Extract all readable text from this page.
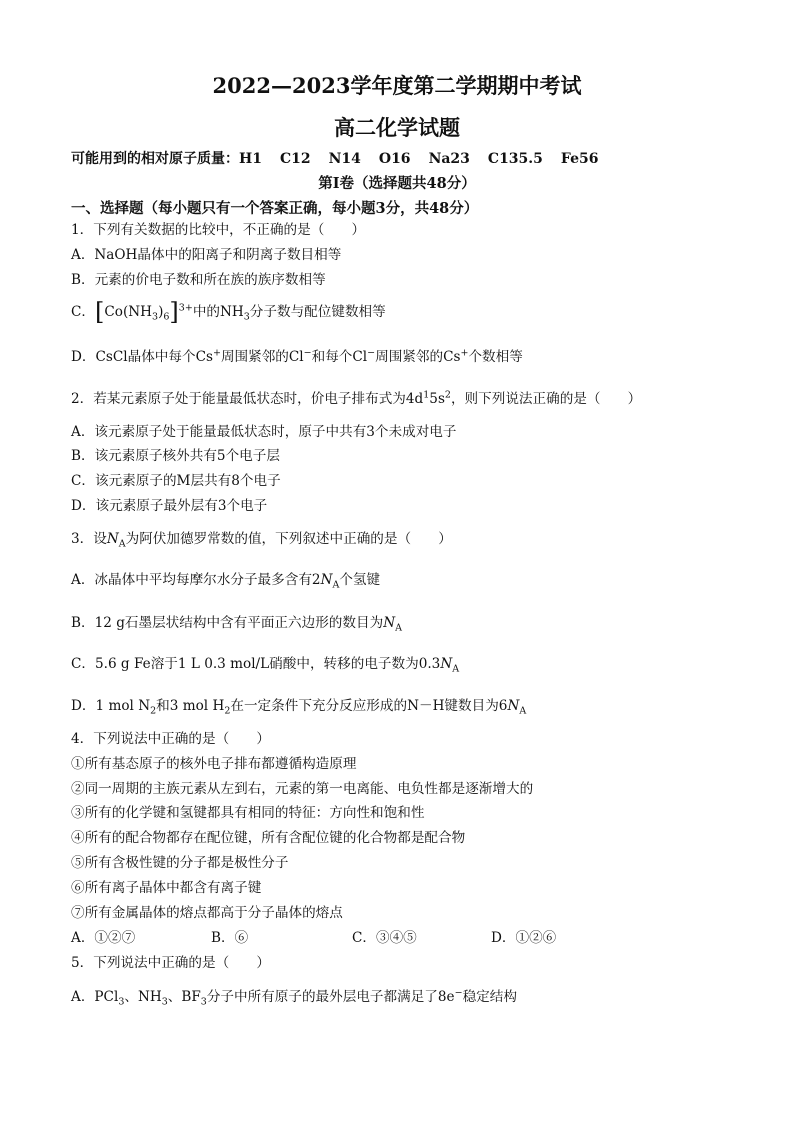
2022—2023学年度第二学期期中考试
高二化学试题
可能用到的相对原子质量：H1 C12 N14 O16 Na23 C135.5 Fe56
第Ⅰ卷（选择题共48分）
一、选择题（每小题只有一个答案正确，每小题3分，共48分）
1．下列有关数据的比较中，不正确的是（　　）
A．NaOH晶体中的阳离子和阴离子数目相等
B．元素的价电子数和所在族的族序数相等
C．$[Co(NH_3)_6]^{3+}$中的$NH_3$分子数与配位键数相等
D．CsCl晶体中每个Cs+周围紧邻的Cl−和每个Cl−周围紧邻的Cs+个数相等
2．若某元素原子处于能量最低状态时，价电子排布式为$4d^15s^2$，则下列说法正确的是（　　）
A．该元素原子处于能量最低状态时，原子中共有3个未成对电子
B．该元素原子核外共有5个电子层
C．该元素原子的M层共有8个电子
D．该元素原子最外层有3个电子
3．设$N_A$为阿伏加德罗常数的值，下列叙述中正确的是（　　）
A．冰晶体中平均每摩尔水分子最多含有$2N_A$个氢键
B．12 g石墨层状结构中含有平面正六边形的数目为$N_A$
C．5.6 g Fe溶于1 L 0.3 mol/L硝酸中，转移的电子数为$0.3N_A$
D．1 mol $N_2$和3 mol $H_2$在一定条件下充分反应形成的N－H键数目为$6N_A$
4．下列说法中正确的是（　　）
①所有基态原子的核外电子排布都遵循构造原理
②同一周期的主族元素从左到右，元素的第一电离能、电负性都是逐渐增大的
③所有的化学键和氢键都具有相同的特征：方向性和饱和性
④所有的配合物都存在配位键，所有含配位键的化合物都是配合物
⑤所有含极性键的分子都是极性分子
⑥所有离子晶体中都含有离子键
⑦所有金属晶体的熔点都高于分子晶体的熔点
A．①②⑦	B．⑥	C．③④⑤	D．①②⑥
5．下列说法中正确的是（　　）
A．PCl$_3$、$NH_3$、$BF_3$分子中所有原子的最外层电子都满足了8e−稳定结构
